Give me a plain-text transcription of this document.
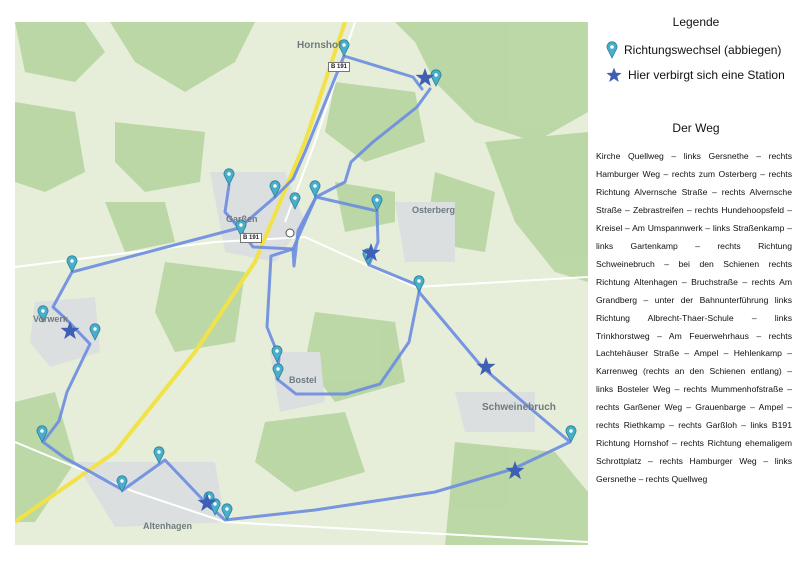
Hornshof
Garßen
Osterberg
Vorwerk
Bostel
Schweinebruch
Altenhagen
B 191
B 191
Legende
Richtungswechsel (abbiegen)
Hier verbirgt sich eine Station
Der Weg
Kirche Quellweg – links Gersnethe – rechts Hamburger Weg – rechts zum Osterberg – rechts Richtung Alvernsche Straße – rechts Alvernsche Straße – Zebrastreifen – rechts Hundehoopsfeld – Kreisel – Am Umspannwerk – links Straßenkamp – links Gartenkamp – rechts Richtung Schweinebruch – bei den Schienen rechts Richtung Altenhagen – Bruchstraße – rechts Am Grandberg – unter der Bahnunterführung links Richtung Albrecht-Thaer-Schule – links Trinkhorstweg – Am Feuerwehrhaus – rechts Lachtehäuser Straße – Ampel – Hehlenkamp – Karrenweg (rechts an den Schienen entlang) – links Bosteler Weg – rechts Mummenhofstraße – rechts Garßener Weg – Grauenbarge – Ampel – rechts Riethkamp – rechts Garßloh – links B191 Richtung Hornshof – rechts Richtung ehemaligem Schrottplatz – rechts Hamburger Weg – links Gersnethe – rechts Quellweg
